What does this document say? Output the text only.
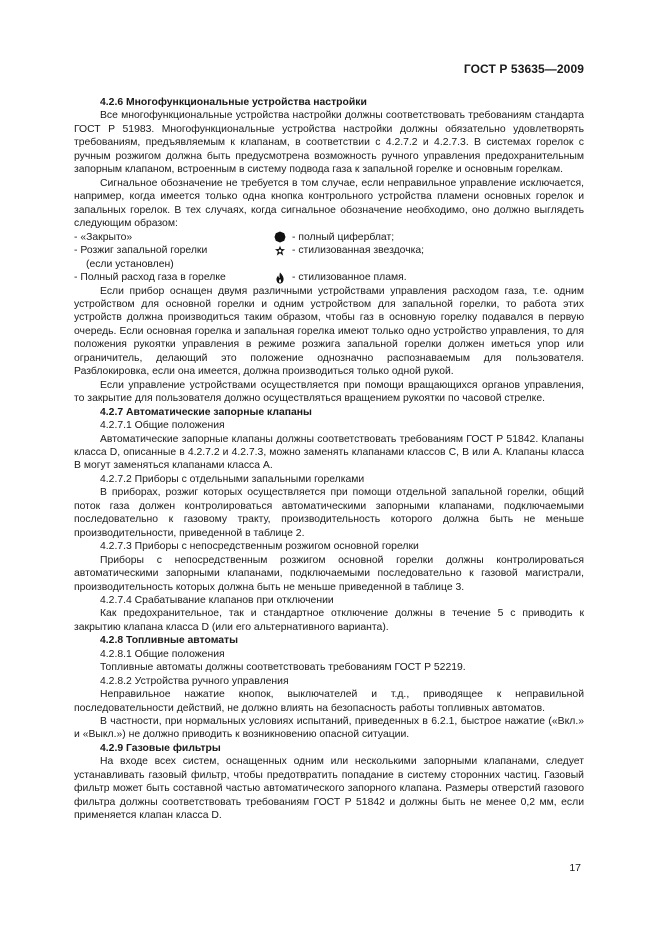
ГОСТ Р 53635—2009
4.2.6 Многофункциональные устройства настройки

Все многофункциональные устройства настройки должны соответствовать требованиям стандарта ГОСТ Р 51983. Многофункциональные устройства настройки должны обязательно удовлетворять требованиям, предъявляемым к клапанам, в соответствии с 4.2.7.2 и 4.2.7.3. В системах горелок с ручным розжигом должна быть предусмотрена возможность ручного управления предохранительным запорным клапаном, встроенным в систему подвода газа к запальной горелке и основным горелкам.

Сигнальное обозначение не требуется в том случае, если неправильное управление исключается, например, когда имеется только одна кнопка контрольного устройства пламени основных горелок и запальных горелок. В тех случаях, когда сигнальное обозначение необходимо, оно должно выглядеть следующим образом:

- «Закрыто»	- полный циферблат;
- Розжиг запальной горелки
(если установлен)
- стилизованная звездочка;
- Полный расход газа в горелке	- стилизованное пламя.

Если прибор оснащен двумя различными устройствами управления расходом газа, т.е. одним устройством для основной горелки и одним устройством для запальной горелки, то работа этих устройств должна производиться таким образом, чтобы газ в основную горелку подавался в первую очередь. Если основная горелка и запальная горелка имеют только одно устройство управления, то для положения рукоятки управления в режиме розжига запальной горелки должен иметься упор или ограничитель, делающий это положение однозначно распознаваемым для пользователя. Разблокировка, если она имеется, должна производиться только одной рукой.

Если управление устройствами осуществляется при помощи вращающихся органов управления, то закрытие для пользователя должно осуществляться вращением рукоятки по часовой стрелке.

4.2.7 Автоматические запорные клапаны
4.2.7.1 Общие положения

Автоматические запорные клапаны должны соответствовать требованиям ГОСТ Р 51842. Клапаны класса D, описанные в 4.2.7.2 и 4.2.7.3, можно заменять клапанами классов С, В или А. Клапаны класса В могут заменяться клапанами класса А.

4.2.7.2 Приборы с отдельными запальными горелками

В приборах, розжиг которых осуществляется при помощи отдельной запальной горелки, общий поток газа должен контролироваться автоматическими запорными клапанами, подключаемыми последовательно к газовому тракту, производительность которого должна быть не меньше производительности, приведенной в таблице 2.

4.2.7.3 Приборы с непосредственным розжигом основной горелки

Приборы с непосредственным розжигом основной горелки должны контролироваться автоматическими запорными клапанами, подключаемыми последовательно к газовой магистрали, производительность которых должна быть не меньше приведенной в таблице 3.

4.2.7.4 Срабатывание клапанов при отключении

Как предохранительное, так и стандартное отключение должны в течение 5 с приводить к закрытию клапана класса D (или его альтернативного варианта).

4.2.8 Топливные автоматы
4.2.8.1 Общие положения

Топливные автоматы должны соответствовать требованиям ГОСТ Р 52219.

4.2.8.2 Устройства ручного управления

Неправильное нажатие кнопок, выключателей и т.д., приводящее к неправильной последовательности действий, не должно влиять на безопасность работы топливных автоматов.

В частности, при нормальных условиях испытаний, приведенных в 6.2.1, быстрое нажатие («Вкл.» и «Выкл.») не должно приводить к возникновению опасной ситуации.

4.2.9 Газовые фильтры

На входе всех систем, оснащенных одним или несколькими запорными клапанами, следует устанавливать газовый фильтр, чтобы предотвратить попадание в систему сторонних частиц. Газовый фильтр может быть составной частью автоматического запорного клапана. Размеры отверстий газового фильтра должны соответствовать требованиям ГОСТ Р 51842 и должны быть не менее 0,2 мм, если применяется клапан класса D.

17
